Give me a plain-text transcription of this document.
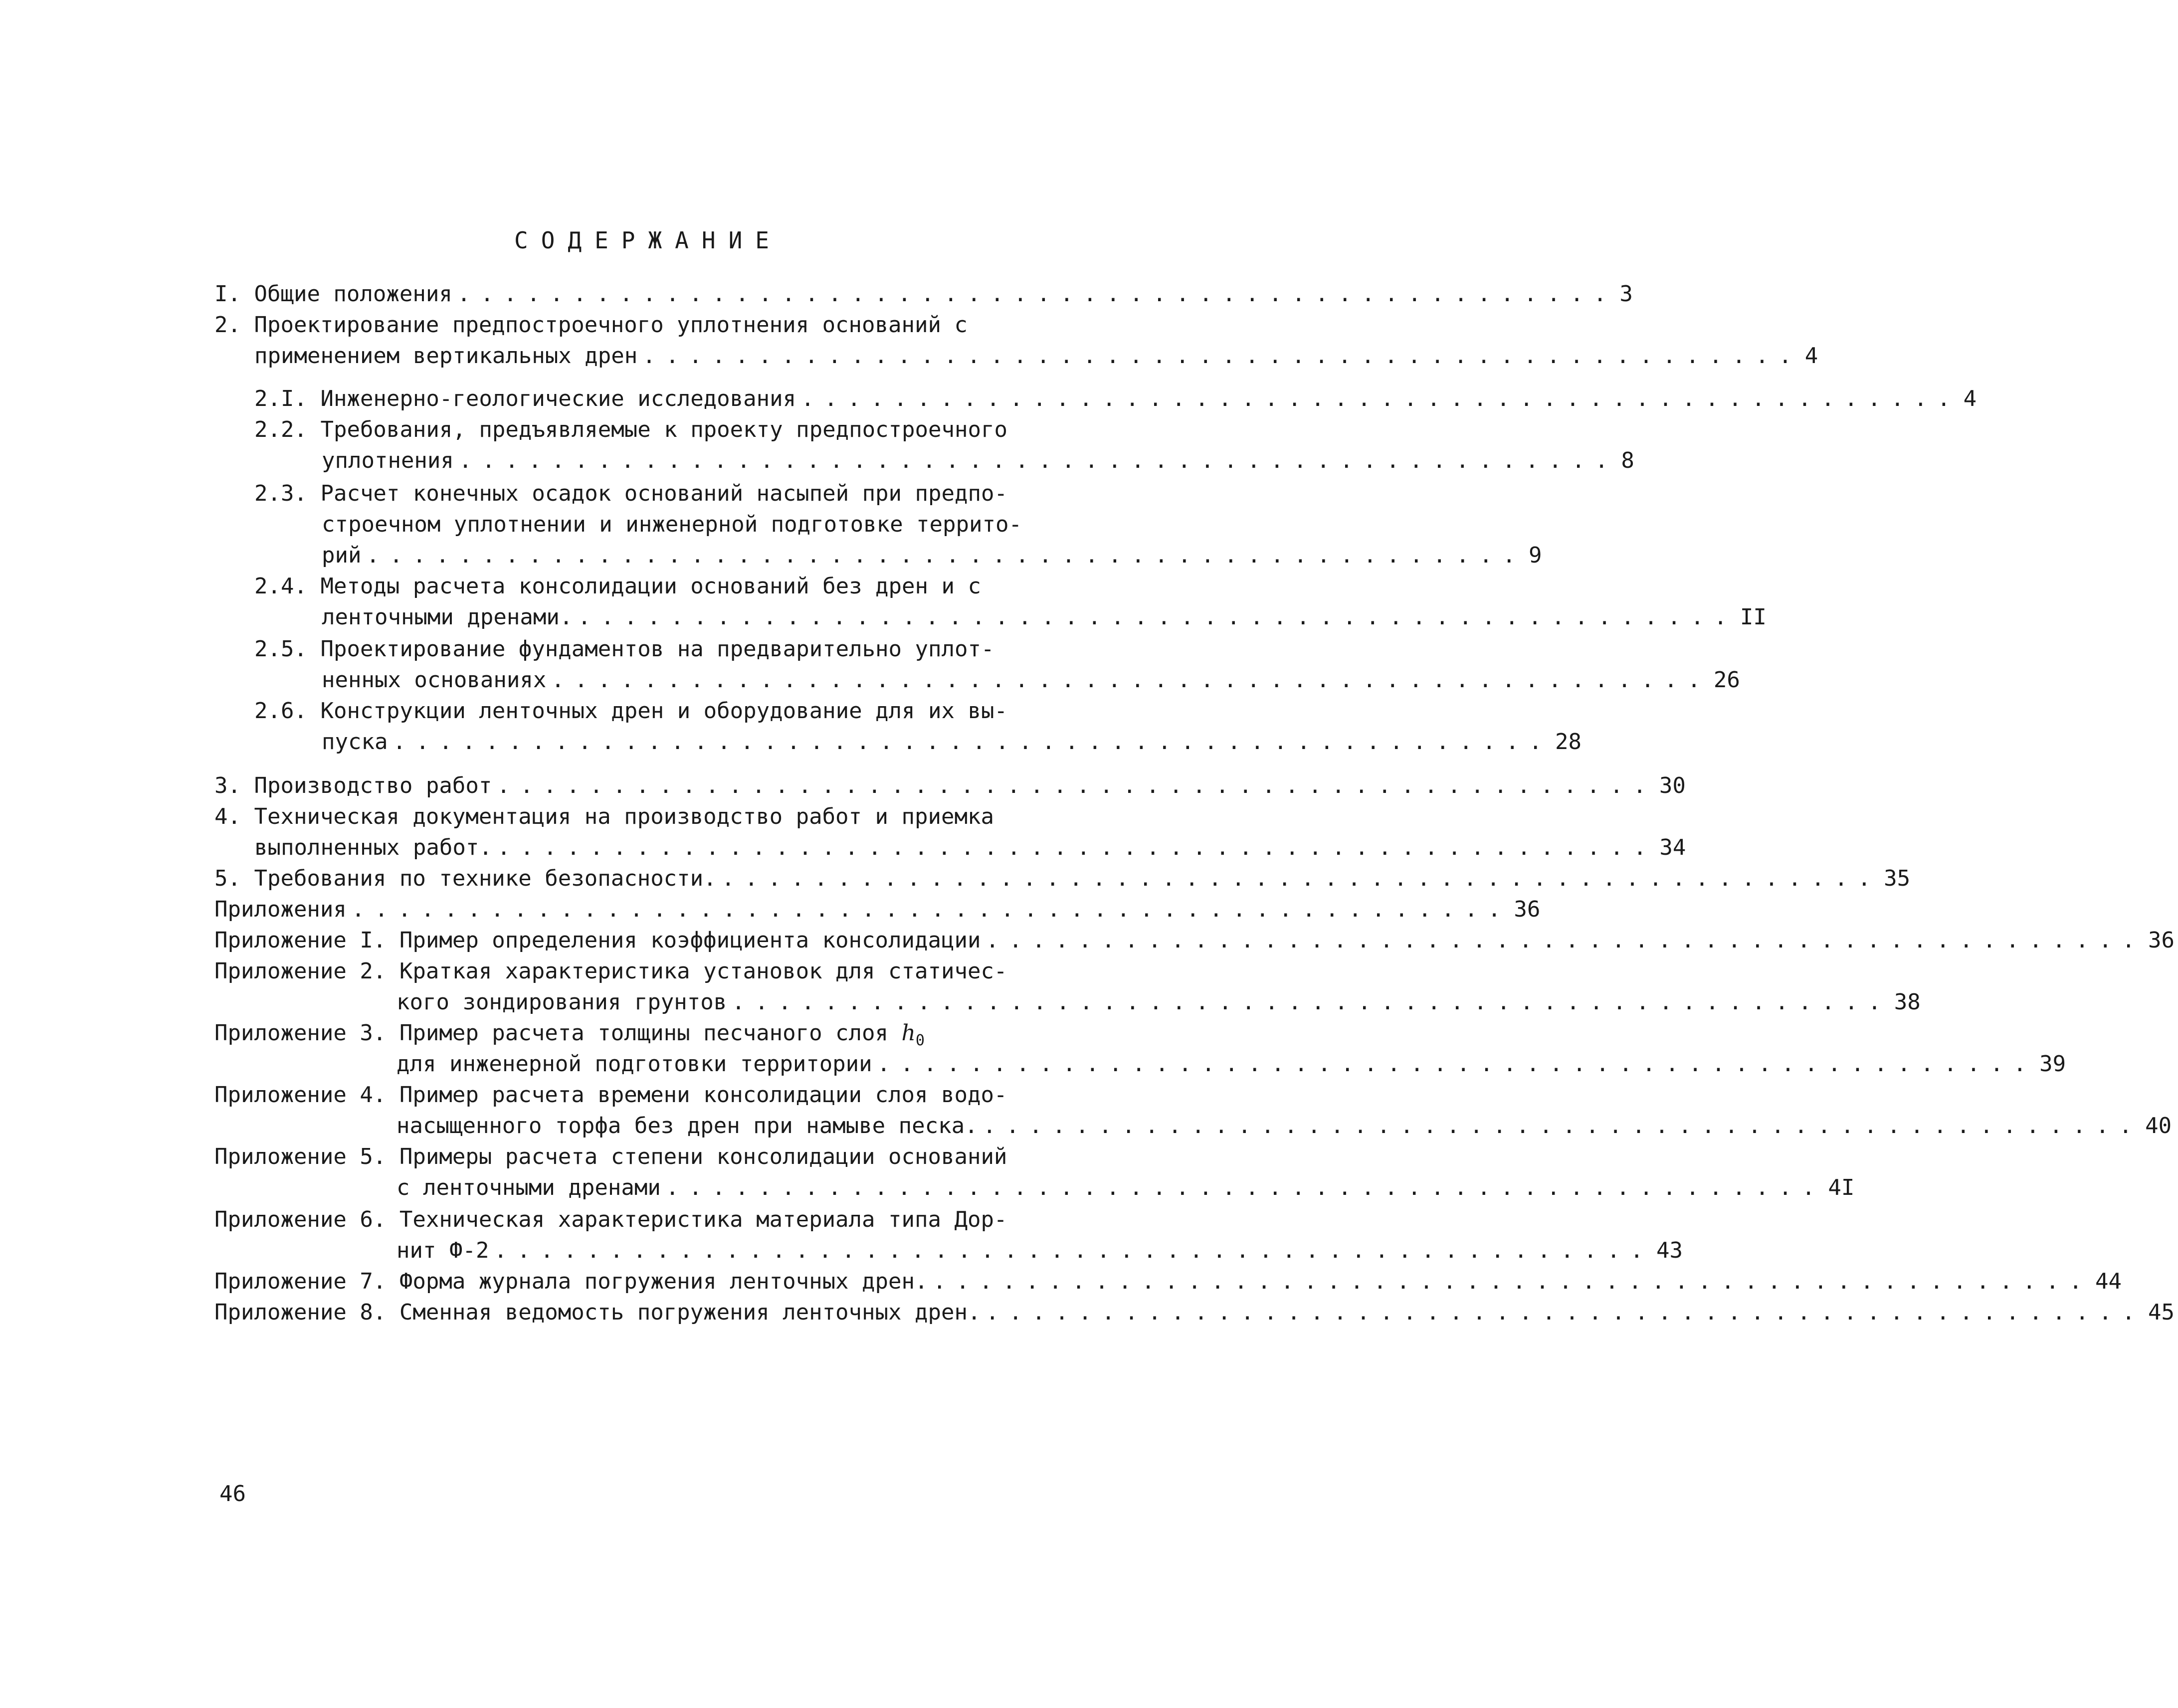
СОДЕРЖАНИЕ
I. Общие положения .................................................. 3
2. Проектирование предпостроечного уплотнения оснований с
применением вертикальных дрен .................................................. 4
2.I. Инженерно-геологические исследования .................................................. 4
2.2. Требования, предъявляемые к проекту предпостроечного
уплотнения .................................................. 8
2.3. Расчет конечных осадок оснований насыпей при предпо-
строечном уплотнении и инженерной подготовке террито-
рий .................................................. 9
2.4. Методы расчета консолидации оснований без дрен и с
ленточными дренами. .................................................. II
2.5. Проектирование фундаментов на предварительно уплот-
ненных основаниях .................................................. 26
2.6. Конструкции ленточных дрен и оборудование для их вы-
пуска .................................................. 28
3. Производство работ .................................................. 30
4. Техническая документация на производство работ и приемка
выполненных работ. .................................................. 34
5. Требования по технике безопасности. .................................................. 35
Приложения .................................................. 36
Приложение I. Пример определения коэффициента консолидации .................................................. 36
Приложение 2. Краткая характеристика установок для статичес-
кого зондирования грунтов .................................................. 38
Приложение 3. Пример расчета толщины песчаного слоя $h_0$
для инженерной подготовки территории .................................................. 39
Приложение 4. Пример расчета времени консолидации слоя водо-
насыщенного торфа без дрен при намыве песка. .................................................. 40
Приложение 5. Примеры расчета степени консолидации оснований
с ленточными дренами .................................................. 4I
Приложение 6. Техническая характеристика материала типа Дор-
нит Ф-2 .................................................. 43
Приложение 7. Форма журнала погружения ленточных дрен. .................................................. 44
Приложение 8. Сменная ведомость погружения ленточных дрен. .................................................. 45
46
